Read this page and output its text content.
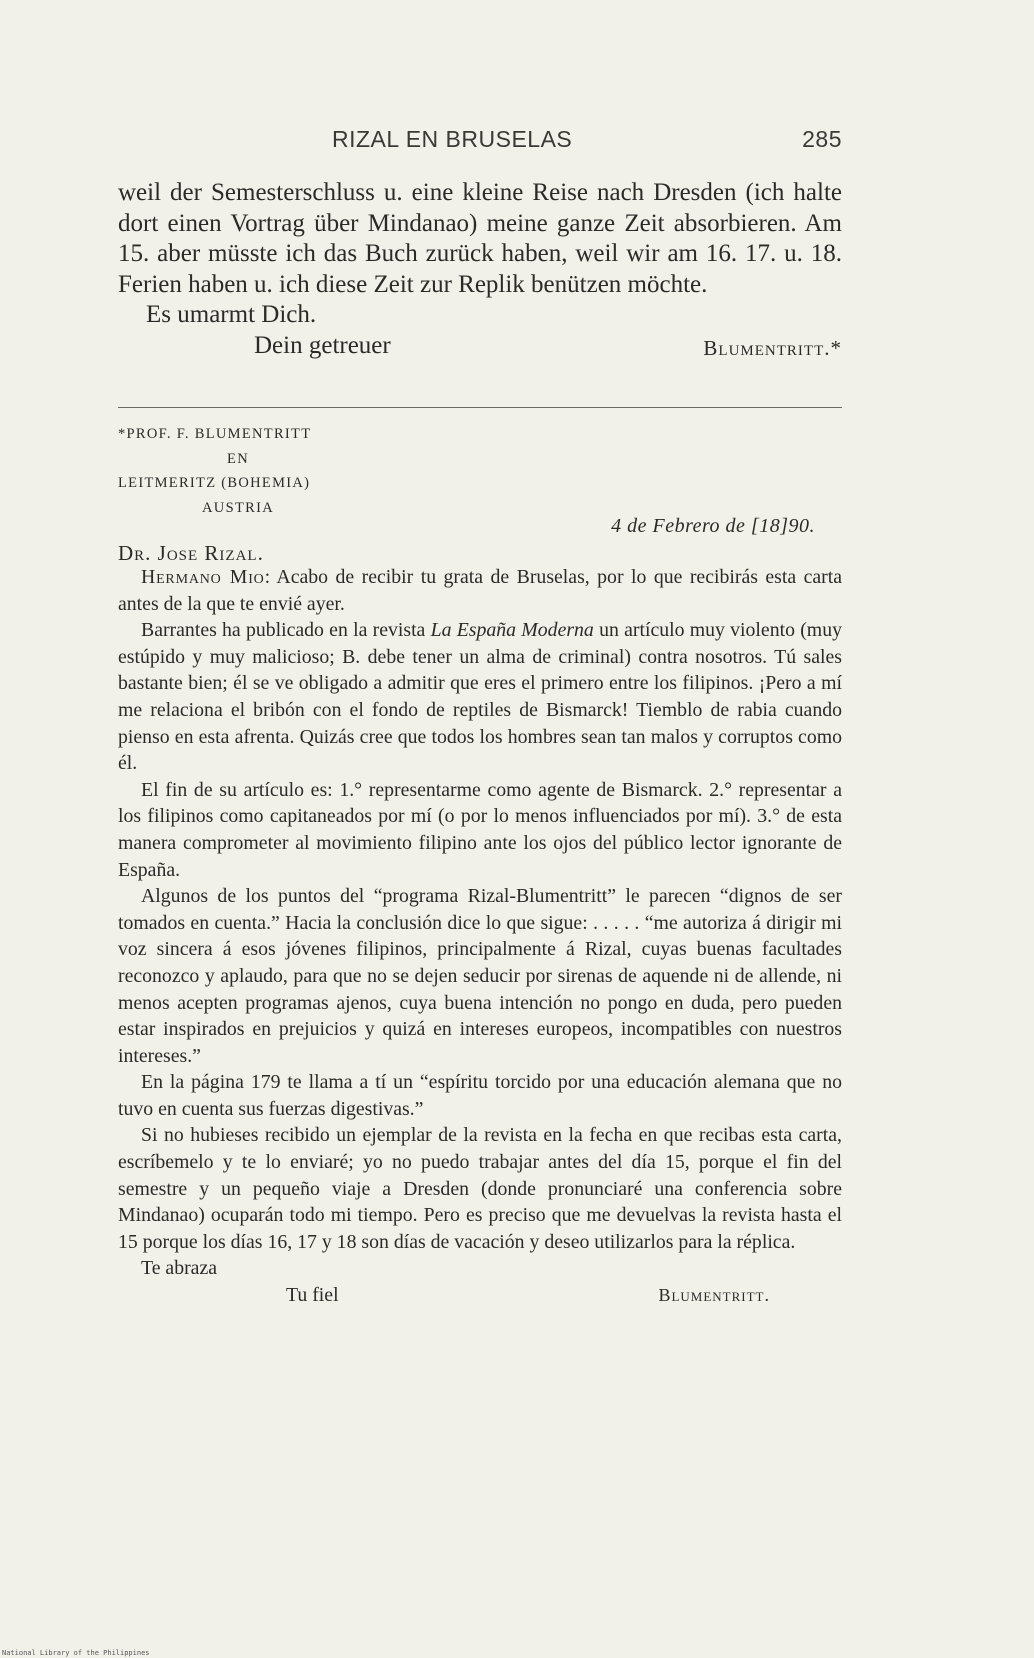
RIZAL EN BRUSELAS	285

weil der Semesterschluss u. eine kleine Reise nach Dresden (ich halte dort einen Vortrag über Mindanao) meine ganze Zeit absorbieren. Am 15. aber müsste ich das Buch zurück haben, weil wir am 16. 17. u. 18. Ferien haben u. ich diese Zeit zur Replik benützen möchte.

Es umarmt Dich.

Dein getreuer	Blumentritt.*
*PROF. F. BLUMENTRITT
EN
LEITMERITZ (BOHEMIA)
AUSTRIA
4 de Febrero de [18]90.
Dr. Jose Rizal.

Hermano Mio: Acabo de recibir tu grata de Bruselas, por lo que recibirás esta carta antes de la que te envié ayer.

Barrantes ha publicado en la revista La España Moderna un artículo muy violento (muy estúpido y muy malicioso; B. debe tener un alma de criminal) contra nosotros. Tú sales bastante bien; él se ve obligado a admitir que eres el primero entre los filipinos. ¡Pero a mí me relaciona el bribón con el fondo de reptiles de Bismarck! Tiemblo de rabia cuando pienso en esta afrenta. Quizás cree que todos los hombres sean tan malos y corruptos como él.

El fin de su artículo es: 1.° representarme como agente de Bismarck. 2.° representar a los filipinos como capitaneados por mí (o por lo menos influenciados por mí). 3.° de esta manera comprometer al movimiento filipino ante los ojos del público lector ignorante de España.

Algunos de los puntos del “programa Rizal-Blumentritt” le parecen “dignos de ser tomados en cuenta.” Hacia la conclusión dice lo que sigue: . . . . . “me autoriza á dirigir mi voz sincera á esos jóvenes filipinos, principalmente á Rizal, cuyas buenas facultades reconozco y aplaudo, para que no se dejen seducir por sirenas de aquende ni de allende, ni menos acepten programas ajenos, cuya buena intención no pongo en duda, pero pueden estar inspirados en prejuicios y quizá en intereses europeos, incompatibles con nuestros intereses.”

En la página 179 te llama a tí un “espíritu torcido por una educación alemana que no tuvo en cuenta sus fuerzas digestivas.”

Si no hubieses recibido un ejemplar de la revista en la fecha en que recibas esta carta, escríbemelo y te lo enviaré; yo no puedo trabajar antes del día 15, porque el fin del semestre y un pequeño viaje a Dresden (donde pronunciaré una conferencia sobre Mindanao) ocuparán todo mi tiempo. Pero es preciso que me devuelvas la revista hasta el 15 porque los días 16, 17 y 18 son días de vacación y deseo utilizarlos para la réplica.

Te abraza
Tu fiel	Blumentritt.
National Library of the Philippines
